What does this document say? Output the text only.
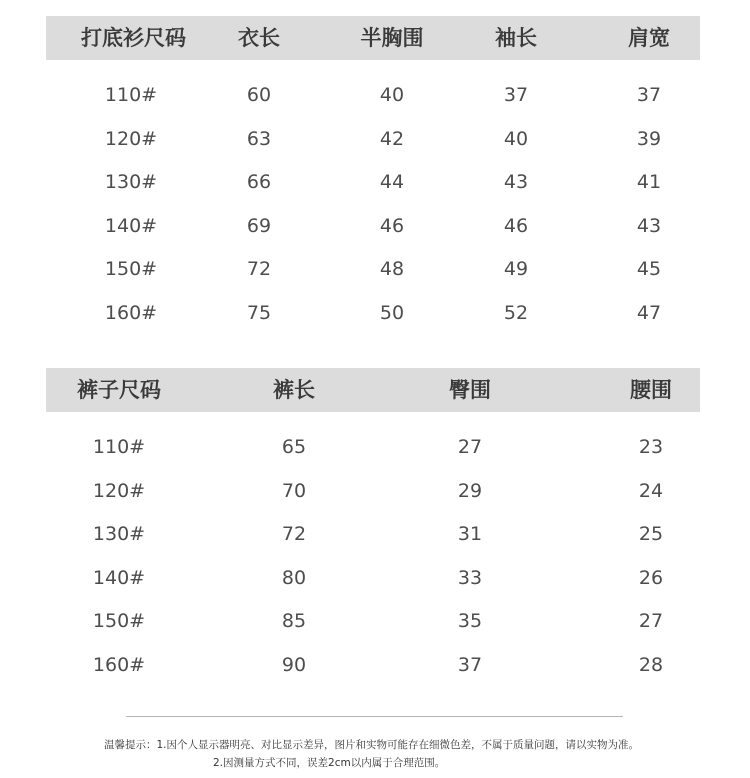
打底衫尺码	衣长	半胸围	袖长	肩宽
110#	60	40	37	37
120#	63	42	40	39
130#	66	44	43	41
140#	69	46	46	43
150#	72	48	49	45
160#	75	50	52	47
裤子尺码	裤长	臀围	腰围
110#	65	27	23
120#	70	29	24
130#	72	31	25
140#	80	33	26
150#	85	35	27
160#	90	37	28
温馨提示：1.因个人显示器明亮、对比显示差异，图片和实物可能存在细微色差，不属于质量问题，请以实物为准。
2.因测量方式不同，误差2cm以内属于合理范围。
